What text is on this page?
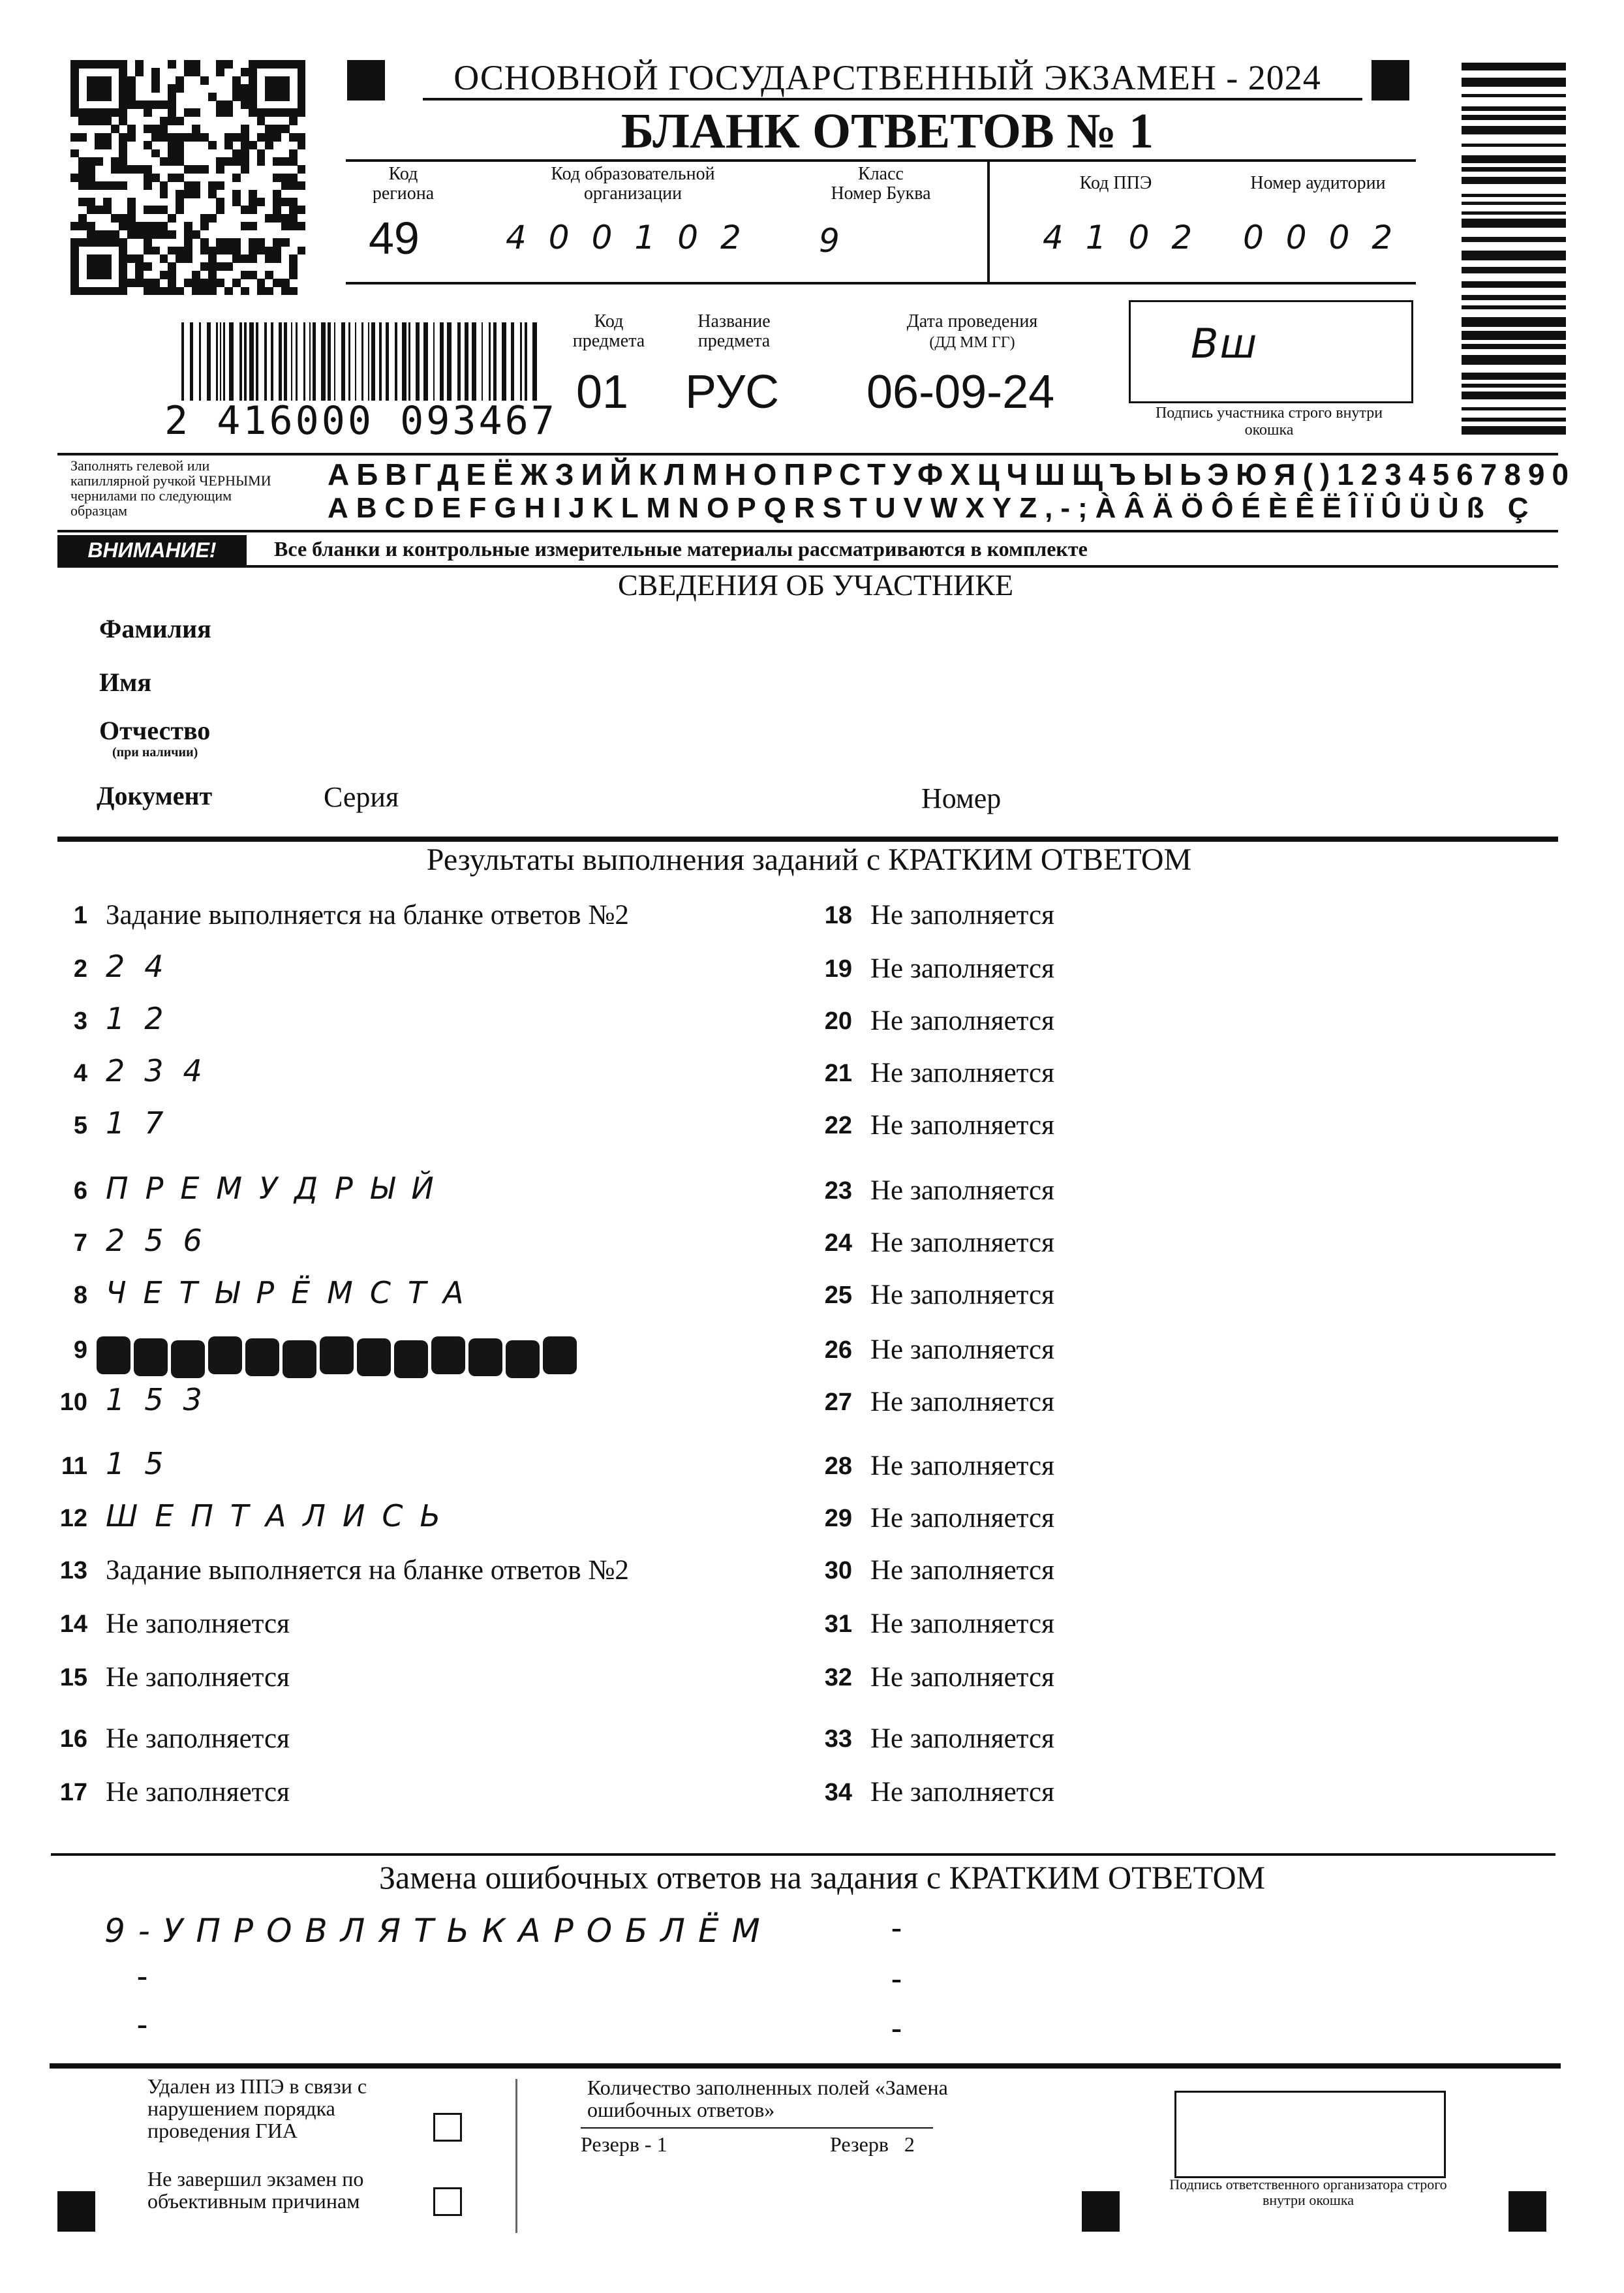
ОСНОВНОЙ ГОСУДАРСТВЕННЫЙ ЭКЗАМЕН - 2024
БЛАНК ОТВЕТОВ № 1
Код
региона
49
Код образовательной
организации
400102
Класс
Номер Буква
9
Код ППЭ
4102
Номер аудитории
0002
2 416000 093467
Код
предмета
01
Название
предмета
РУС
Дата проведения
(ДД ММ ГГ)
06-09-24
Вш
Подпись участника строго внутри окошка
Заполнять гелевой или капиллярной ручкой ЧЕРНЫМИ чернилами по следующим образцам
АБВГДЕЁЖЗИЙКЛМНОПРСТУФХЦЧШЩЪЫЬЭЮЯ()1234567890
ABCDEFGHIJKLMNOPQRSTUVWXYZ,-;ÀÂÄÖÔÉÈÊËÎÏÛÜÙß Ç
ВНИМАНИЕ!	Все бланки и контрольные измерительные материалы рассматриваются в комплекте
СВЕДЕНИЯ ОБ УЧАСТНИКЕ
Фамилия
Имя
Отчество
(при наличии)
Документ	Серия	Номер
Результаты выполнения заданий с КРАТКИМ ОТВЕТОМ
1 Задание выполняется на бланке ответов №2
2 24
3 12
4 234
5 17
6 ПРЕМУДРЫЙ
7 256
8 ЧЕТЫРЁМСТА
9
10 153
11 15
12 ШЕПТАЛИСЬ
13 Задание выполняется на бланке ответов №2
14 Не заполняется
15 Не заполняется
16 Не заполняется
17 Не заполняется
18 Не заполняется
19 Не заполняется
20 Не заполняется
21 Не заполняется
22 Не заполняется
23 Не заполняется
24 Не заполняется
25 Не заполняется
26 Не заполняется
27 Не заполняется
28 Не заполняется
29 Не заполняется
30 Не заполняется
31 Не заполняется
32 Не заполняется
33 Не заполняется
34 Не заполняется
Замена ошибочных ответов на задания с КРАТКИМ ОТВЕТОМ
9-УПРОВЛЯТЬКАРОБЛЁМ	-
-	-
-	-
Удален из ППЭ в связи с нарушением порядка проведения ГИА
Не завершил экзамен по объективным причинам
Количество заполненных полей «Замена ошибочных ответов»
Резерв - 1	Резерв   2
Подпись ответственного организатора строго внутри окошка
